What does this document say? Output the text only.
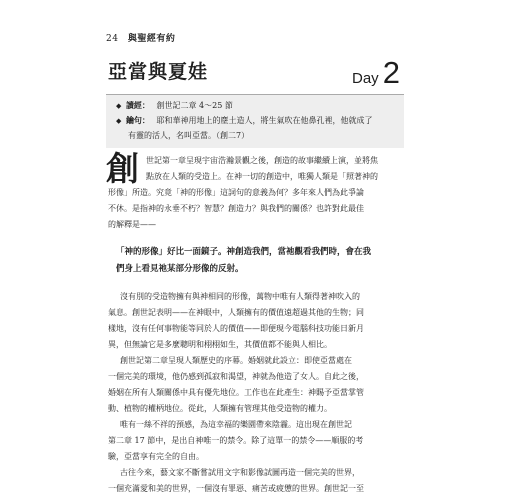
24 與聖經有約
亞當與夏娃	Day 2
◆ 讀經： 創世記二章 4～25 節
◆ 鑰句： 耶和華神用地上的塵土造人，將生氣吹在他鼻孔裡，他就成了
有靈的活人，名叫亞當。（創二7）
創 世記第一章呈現宇宙浩瀚景觀之後，創造的故事繼續上演，並將焦
點放在人類的受造上。在神一切的創造中，唯獨人類是「照著神的
形像」所造。究竟「神的形像」這詞句的意義為何？多年來人們為此爭論
不休。是指神的永垂不朽？智慧？創造力？與我們的關係？也許對此最佳
的解釋是——
「神的形像」好比一面鏡子。神創造我們，當祂觀看我們時，會在我
們身上看見祂某部分形像的反射。
沒有別的受造物擁有與神相同的形像，萬物中唯有人類得著神吹入的
氣息。創世記表明——在神眼中，人類擁有的價值遠超過其他的生物；同
樣地，沒有任何事物能等同於人的價值——即便現今電腦科技功能日新月
異，但無論它是多麼聰明和栩栩如生，其價值都不能與人相比。
創世記第二章呈現人類歷史的序幕。婚姻就此設立：即使亞當處在
一個完美的環境，他仍感到孤寂和渴望，神就為他造了女人。自此之後，
婚姻在所有人類關係中具有優先地位。工作也在此產生：神賜予亞當掌管
動、植物的權柄地位。從此，人類擁有管理其他受造物的權力。
唯有一絲不祥的預感，為這幸福的樂園帶來陰霾。這出現在創世記
第二章 17 節中，是出自神唯一的禁令。除了這單一的禁令——順服的考
驗，亞當享有完全的自由。
古往今來，藝文家不斷嘗試用文字和影像試圖再造一個完美的世界，
一個充滿愛和美的世界，一個沒有罪惡、痛苦或疲憊的世界。創世記一至
